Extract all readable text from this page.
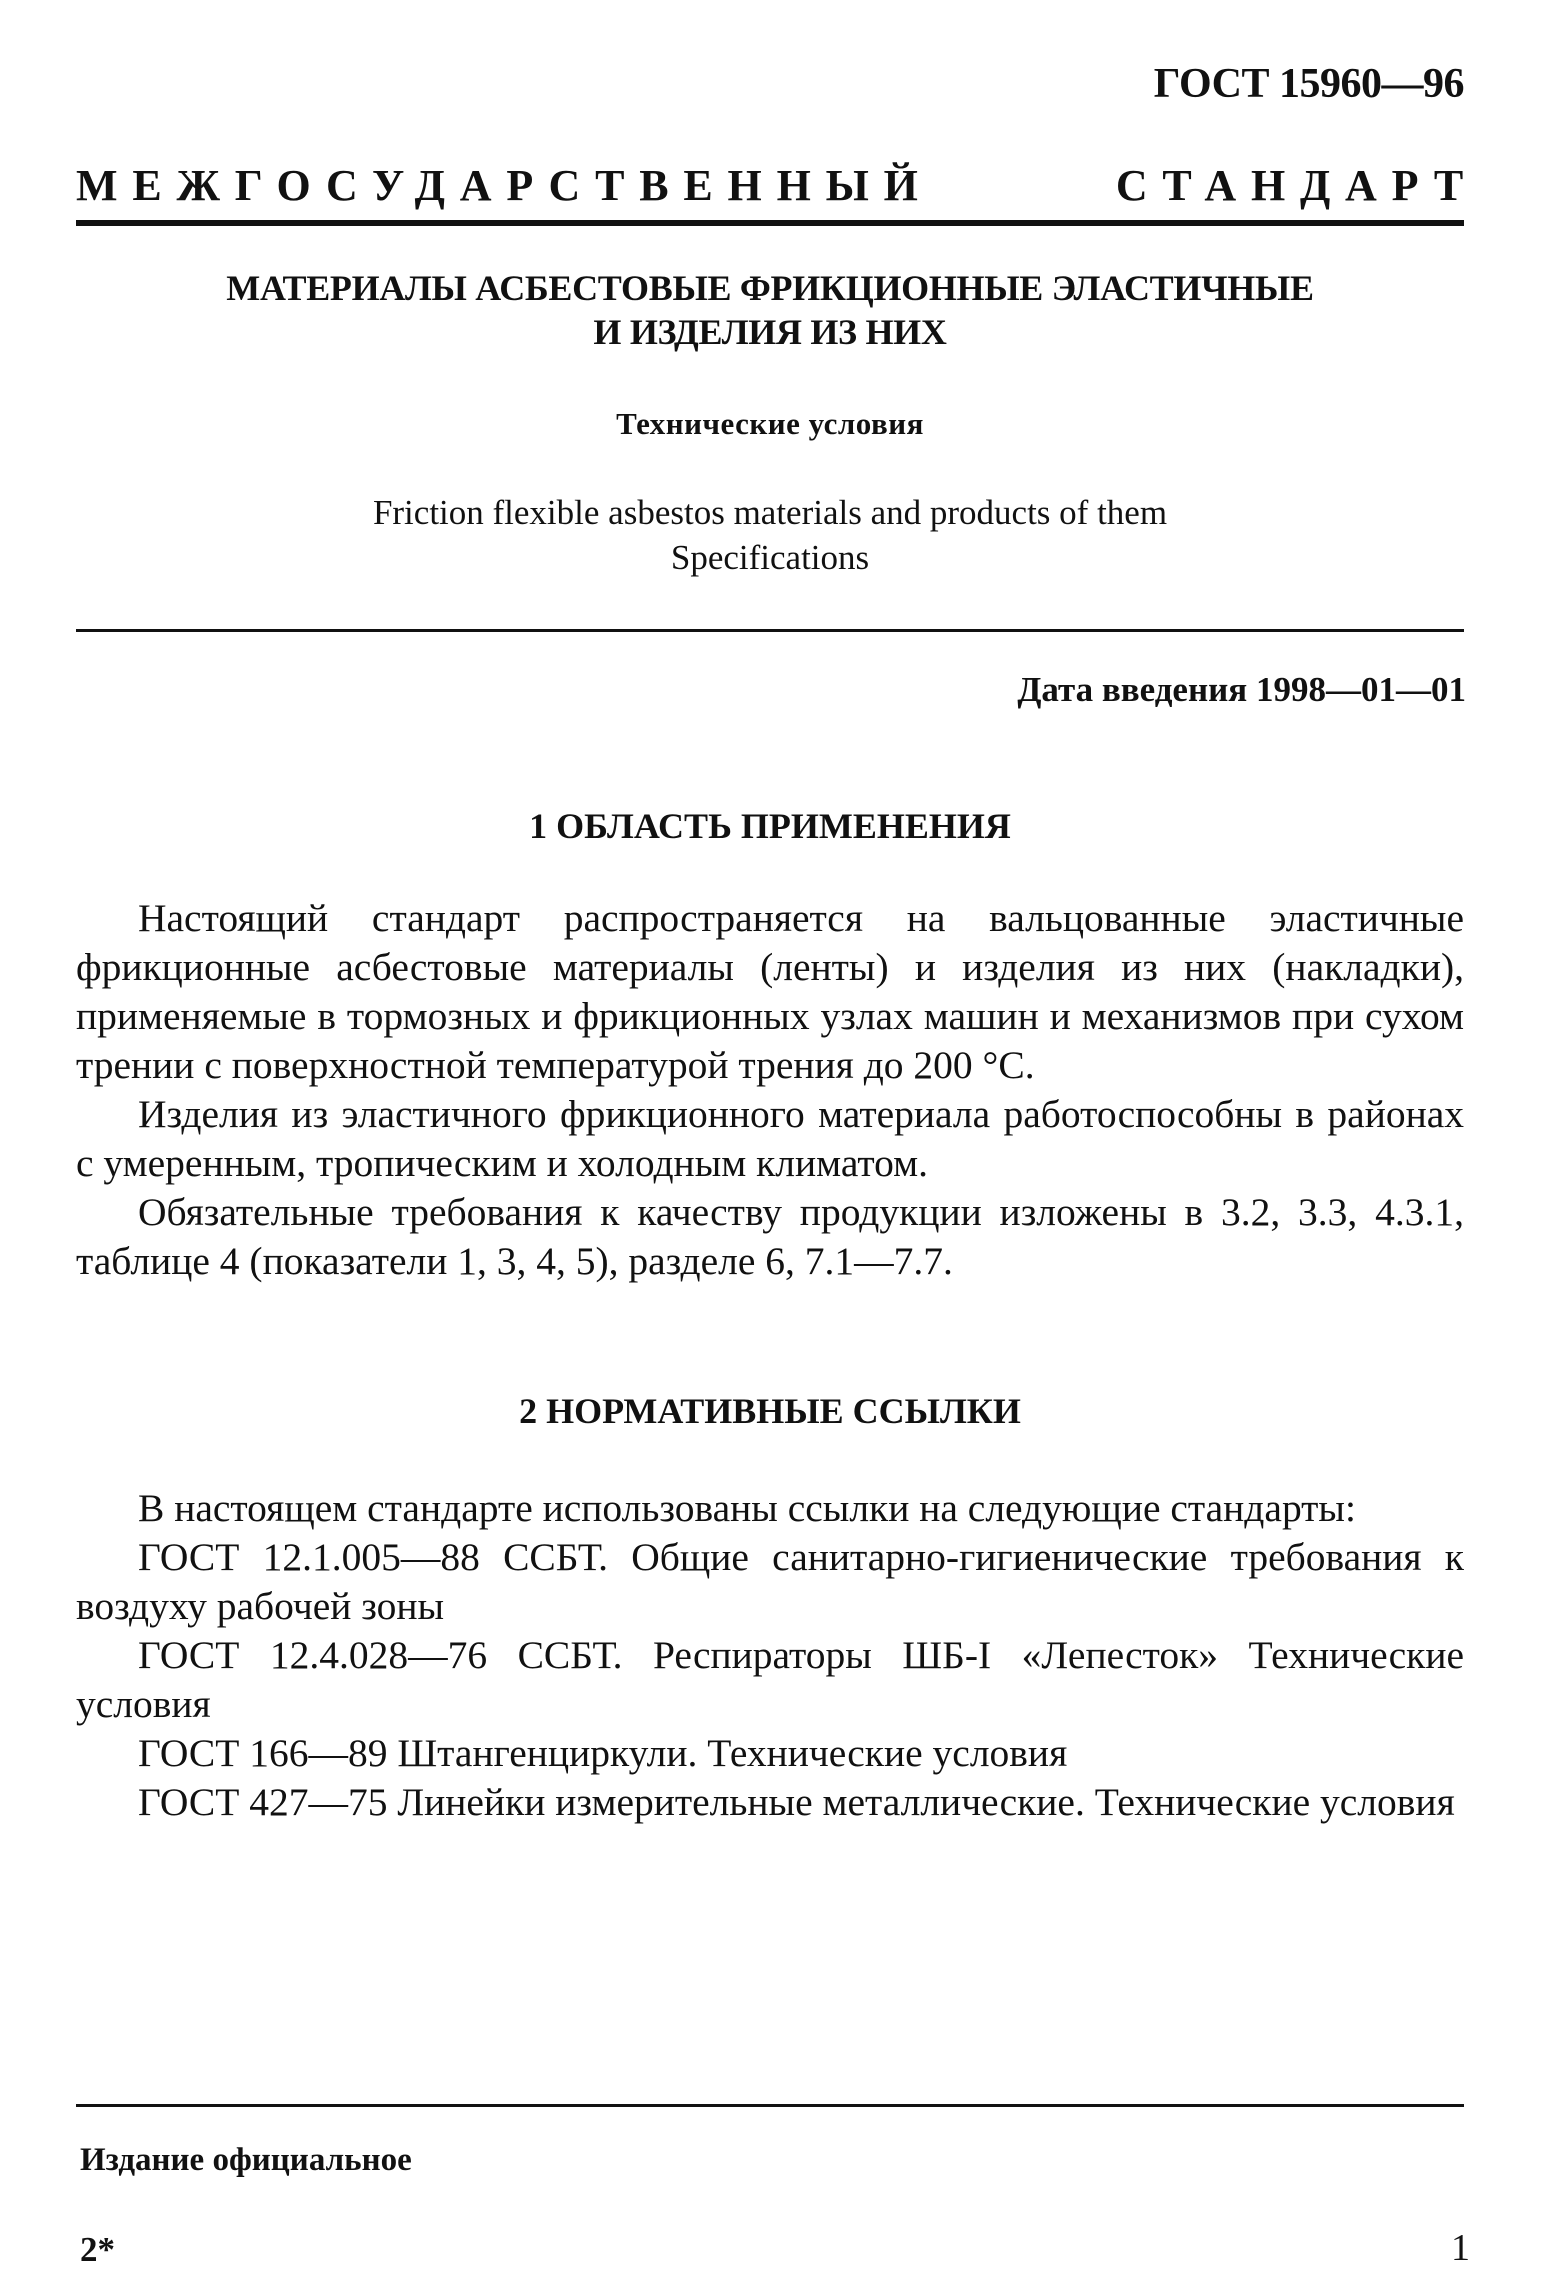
ГОСТ 15960—96
МЕЖГОСУДАРСТВЕННЫЙ	СТАНДАРТ
МАТЕРИАЛЫ АСБЕСТОВЫЕ ФРИКЦИОННЫЕ ЭЛАСТИЧНЫЕ
И ИЗДЕЛИЯ ИЗ НИХ
Технические условия
Friction flexible asbestos materials and products of them
Specifications
Дата введения 1998—01—01
1 ОБЛАСТЬ ПРИМЕНЕНИЯ

Настоящий стандарт распространяется на вальцованные эластичные фрикционные асбестовые материалы (ленты) и изделия из них (накладки), применяемые в тормозных и фрикционных узлах машин и механизмов при сухом трении с поверхностной температурой трения до 200 °С.

Изделия из эластичного фрикционного материала работоспособны в районах с умеренным, тропическим и холодным климатом.

Обязательные требования к качеству продукции изложены в 3.2, 3.3, 4.3.1, таблице 4 (показатели 1, 3, 4, 5), разделе 6, 7.1—7.7.

2 НОРМАТИВНЫЕ ССЫЛКИ

В настоящем стандарте использованы ссылки на следующие стандарты:

ГОСТ 12.1.005—88 ССБТ. Общие санитарно-гигиенические требования к воздуху рабочей зоны

ГОСТ 12.4.028—76 ССБТ. Респираторы ШБ-I «Лепесток» Технические условия

ГОСТ 166—89 Штангенциркули. Технические условия

ГОСТ 427—75 Линейки измерительные металлические. Технические условия

Издание официальное
2*	1
